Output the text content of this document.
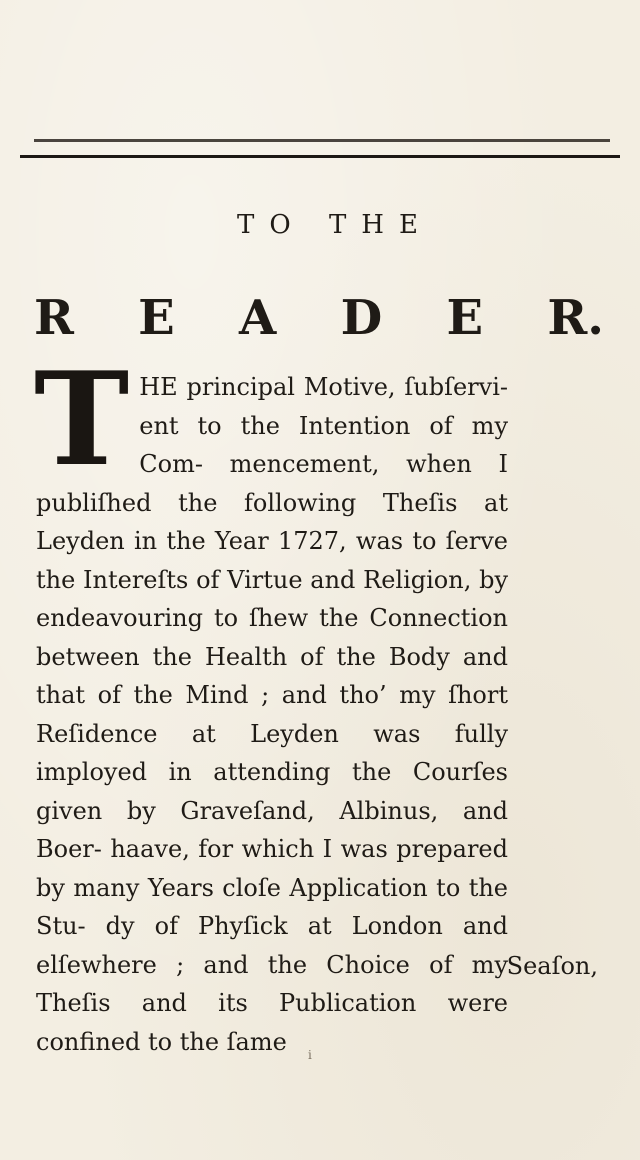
TO THE
R E A D E R.
T HE principal Motive, ſubſervi- ent to the Intention of my Com- mencement, when I publiſhed the following Theſis at Leyden in the Year 1727, was to ſerve the Intereſts of Virtue and Religion, by endeavouring to ſhew the Connection between the Health of the Body and that of the Mind ; and tho’ my ſhort Reſidence at Leyden was fully imployed in attending the Courſes given by Graveſand, Albinus, and Boer- haave, for which I was prepared by many Years cloſe Application to the Stu- dy of Phyſick at London and elſewhere ; and the Choice of my Theſis and its Publication were confined to the ſame

Seaſon,
i
